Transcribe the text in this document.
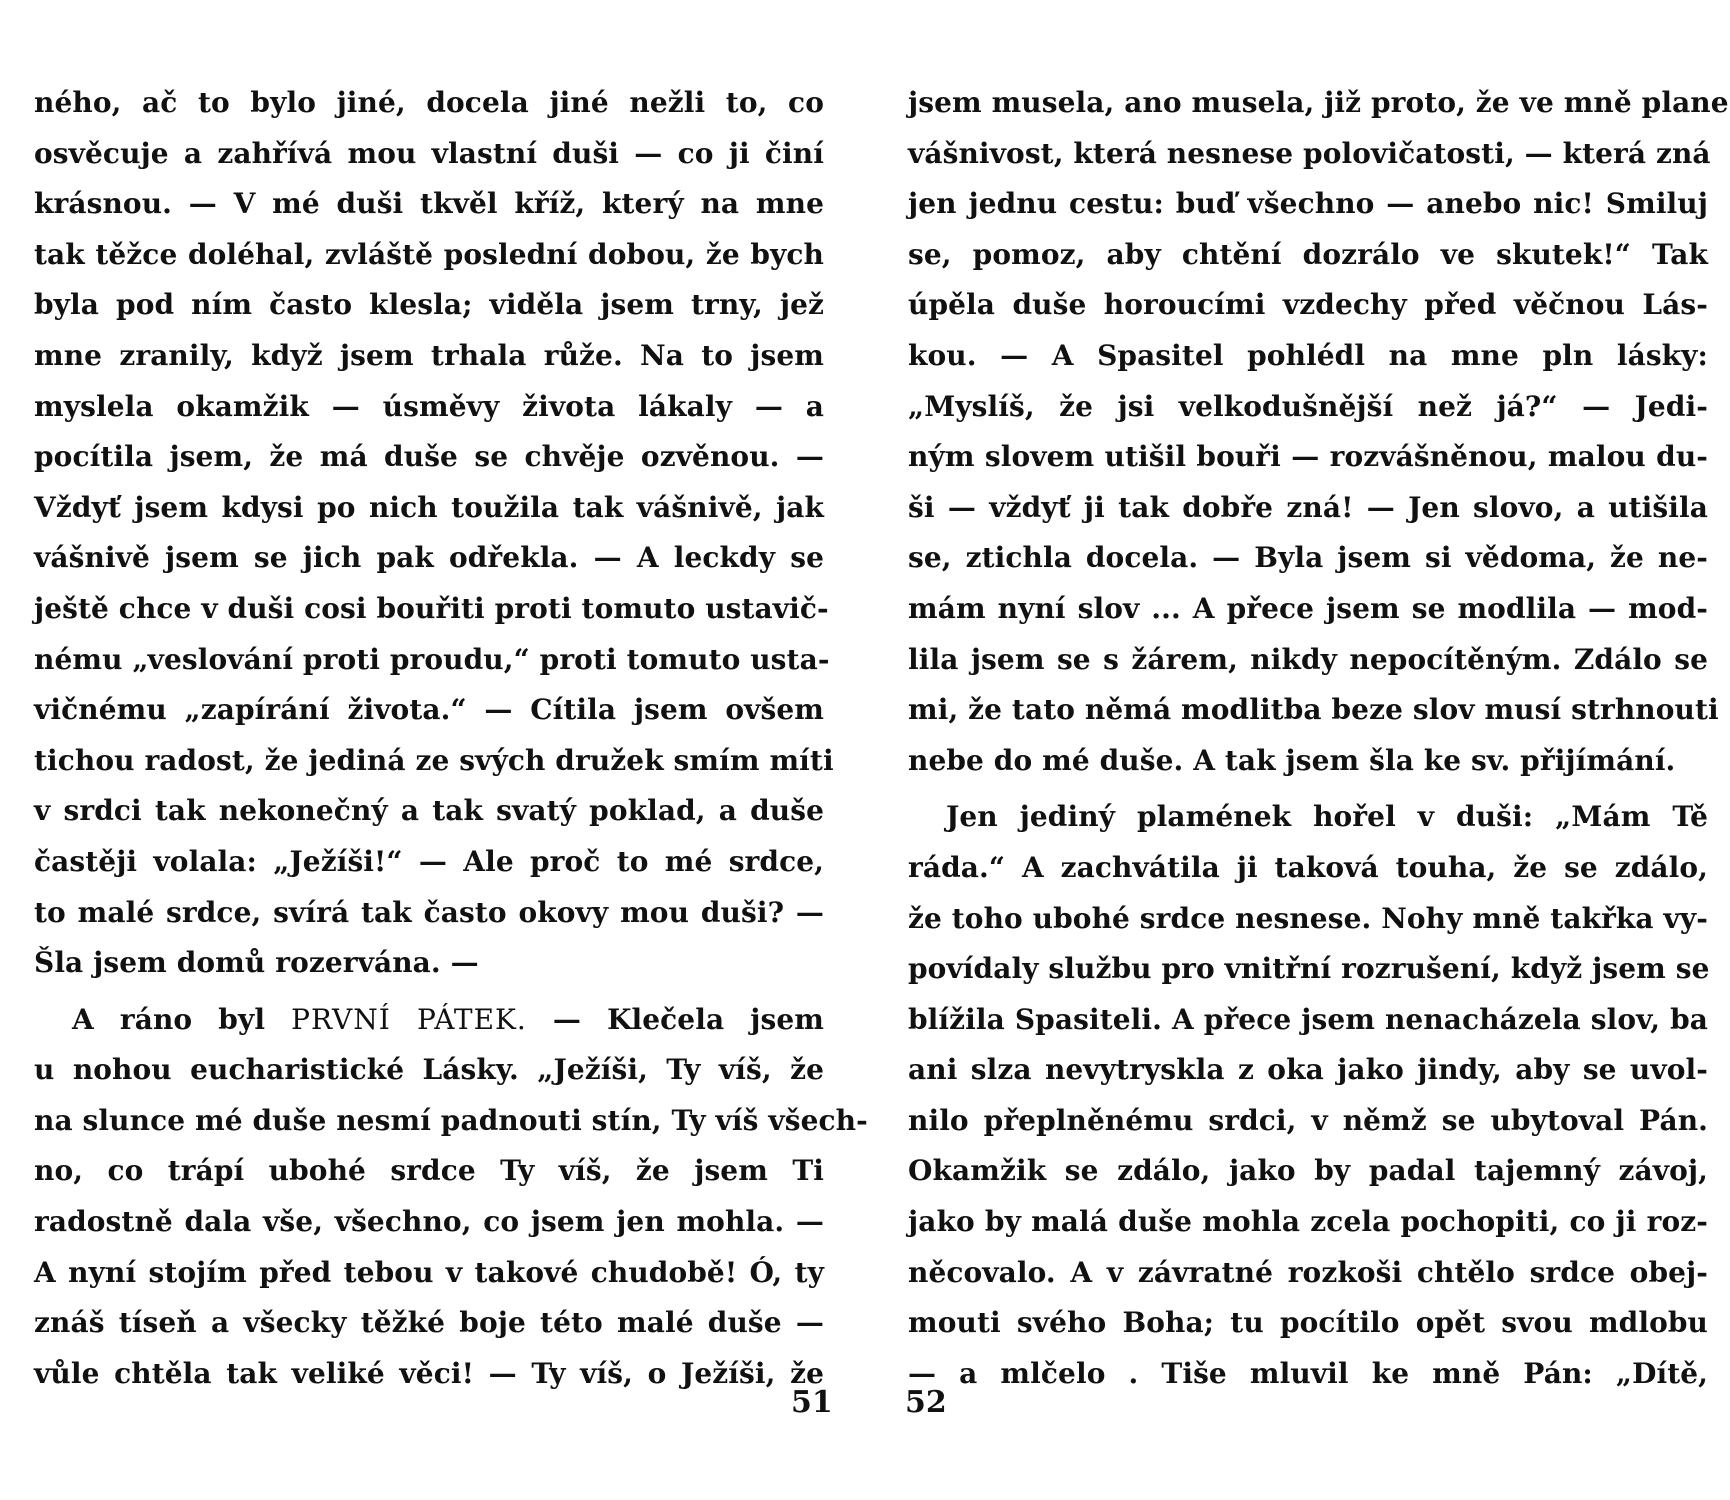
ného, ač to bylo jiné, docela jiné nežli to, co
osvěcuje a zahřívá mou vlastní duši — co ji činí
krásnou. — V mé duši tkvěl kříž, který na mne
tak těžce doléhal, zvláště poslední dobou, že bych
byla pod ním často klesla; viděla jsem trny, jež
mne zranily, když jsem trhala růže. Na to jsem
myslela okamžik — úsměvy života lákaly — a
pocítila jsem, že má duše se chvěje ozvěnou. —
Vždyť jsem kdysi po nich toužila tak vášnivě, jak
vášnivě jsem se jich pak odřekla. — A leckdy se
ještě chce v duši cosi bouřiti proti tomuto ustavič-
nému „veslování proti proudu,“ proti tomuto usta-
vičnému „zapírání života.“ — Cítila jsem ovšem
tichou radost, že jediná ze svých družek smím míti
v srdci tak nekonečný a tak svatý poklad, a duše
častěji volala: „Ježíši!“ — Ale proč to mé srdce,
to malé srdce, svírá tak často okovy mou duši? —
Šla jsem domů rozervána. —
A ráno byl PRVNÍ PÁTEK. — Klečela jsem
u nohou eucharistické Lásky. „Ježíši, Ty víš, že
na slunce mé duše nesmí padnouti stín, Ty víš všech-
no, co trápí ubohé srdce Ty víš, že jsem Ti
radostně dala vše, všechno, co jsem jen mohla. —
A nyní stojím před tebou v takové chudobě! Ó, ty
znáš tíseň a všecky těžké boje této malé duše —
vůle chtěla tak veliké věci! — Ty víš, o Ježíši, že
51
jsem musela, ano musela, již proto, že ve mně plane
vášnivost, která nesnese polovičatosti, — která zná
jen jednu cestu: buď všechno — anebo nic! Smiluj
se, pomoz, aby chtění dozrálo ve skutek!“ Tak
úpěla duše horoucími vzdechy před věčnou Lás-
kou. — A Spasitel pohlédl na mne pln lásky:
„Myslíš, že jsi velkodušnější než já?“ — Jedi-
ným slovem utišil bouři — rozvášněnou, malou du-
ši — vždyť ji tak dobře zná! — Jen slovo, a utišila
se, ztichla docela. — Byla jsem si vědoma, že ne-
mám nyní slov ... A přece jsem se modlila — mod-
lila jsem se s žárem, nikdy nepocítěným. Zdálo se
mi, že tato němá modlitba beze slov musí strhnouti
nebe do mé duše. A tak jsem šla ke sv. přijímání.
Jen jediný plamének hořel v duši: „Mám Tě
ráda.“ A zachvátila ji taková touha, že se zdálo,
že toho ubohé srdce nesnese. Nohy mně takřka vy-
povídaly službu pro vnitřní rozrušení, když jsem se
blížila Spasiteli. A přece jsem nenacházela slov, ba
ani slza nevytryskla z oka jako jindy, aby se uvol-
nilo přeplněnému srdci, v němž se ubytoval Pán.
Okamžik se zdálo, jako by padal tajemný závoj,
jako by malá duše mohla zcela pochopiti, co ji roz-
něcovalo. A v závratné rozkoši chtělo srdce obej-
mouti svého Boha; tu pocítilo opět svou mdlobu
— a mlčelo . Tiše mluvil ke mně Pán: „Dítě,
52
